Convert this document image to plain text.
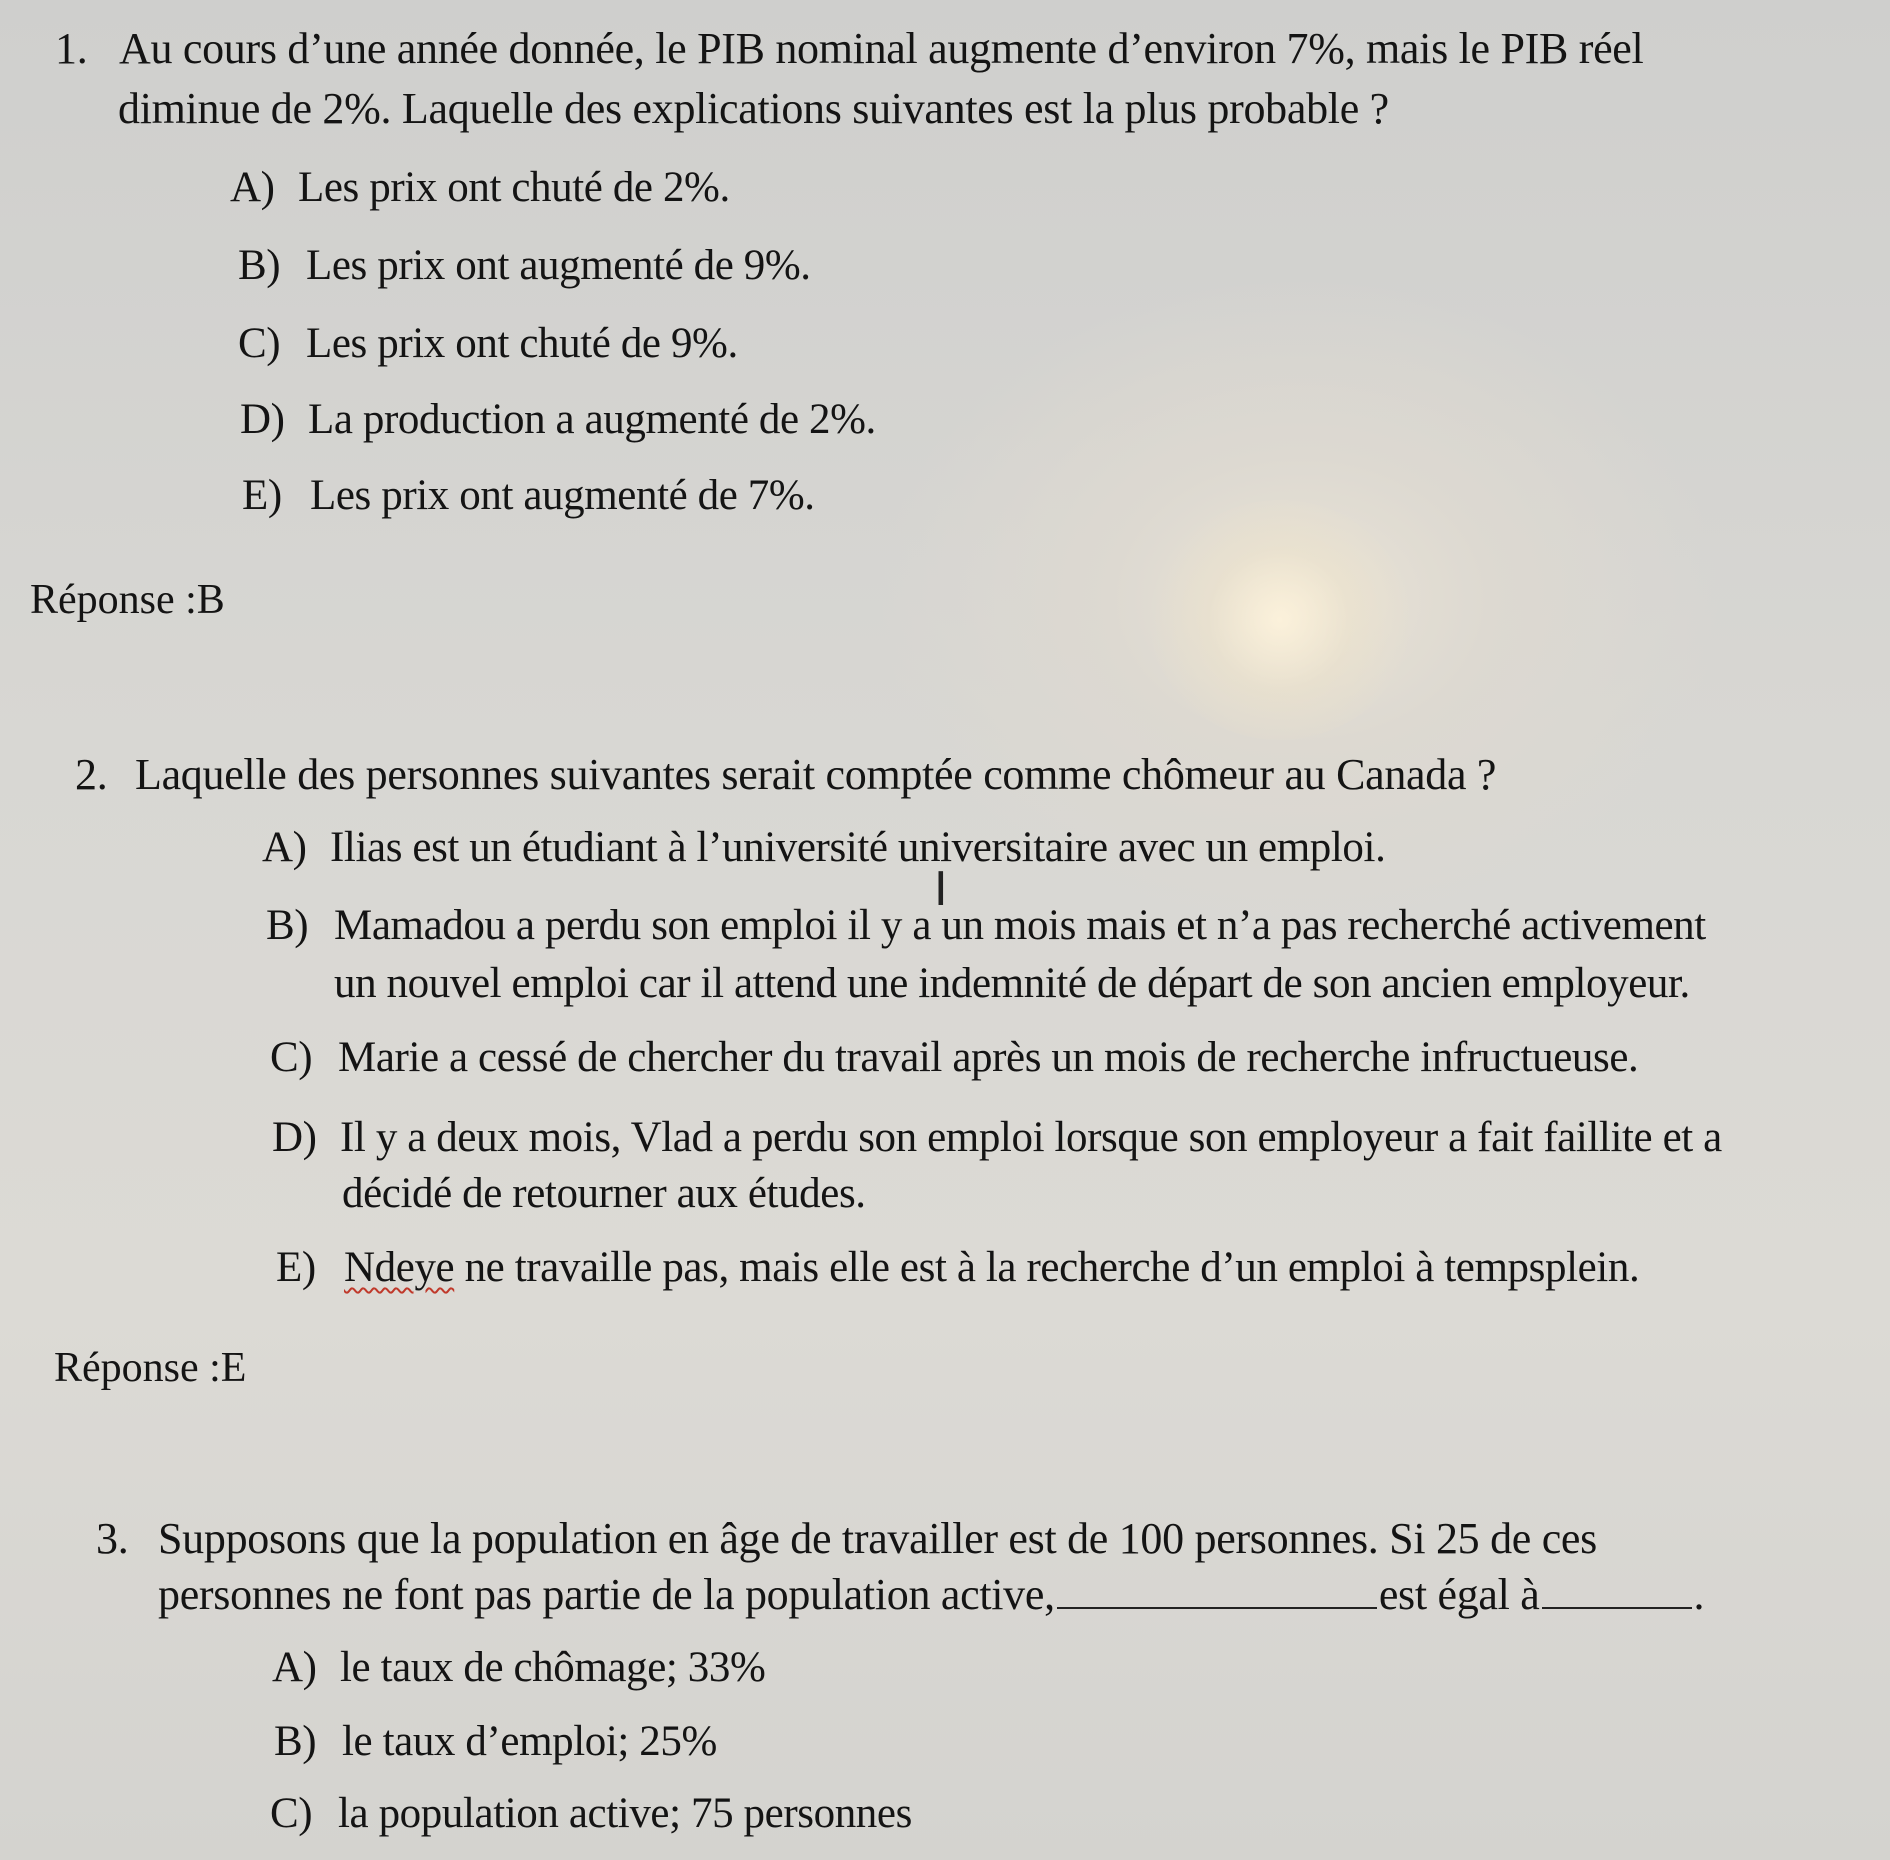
1. Au cours d’une année donnée, le PIB nominal augmente d’environ 7%, mais le PIB réel
diminue de 2%. Laquelle des explications suivantes est la plus probable ?
A) Les prix ont chuté de 2%.
B) Les prix ont augmenté de 9%.
C) Les prix ont chuté de 9%.
D) La production a augmenté de 2%.
E) Les prix ont augmenté de 7%.
Réponse :B
2. Laquelle des personnes suivantes serait comptée comme chômeur au Canada ?
A) Ilias est un étudiant à l’université universitaire avec un emploi.
I
B) Mamadou a perdu son emploi il y a un mois mais et n’a pas recherché activement
un nouvel emploi car il attend une indemnité de départ de son ancien employeur.
C) Marie a cessé de chercher du travail après un mois de recherche infructueuse.
D) Il y a deux mois, Vlad a perdu son emploi lorsque son employeur a fait faillite et a
décidé de retourner aux études.
E) Ndeye ne travaille pas, mais elle est à la recherche d’un emploi à tempsplein.
Réponse :E
3. Supposons que la population en âge de travailler est de 100 personnes. Si 25 de ces
personnes ne font pas partie de la population active,	est égal à	.
A) le taux de chômage; 33%
B) le taux d’emploi; 25%
C) la population active; 75 personnes
